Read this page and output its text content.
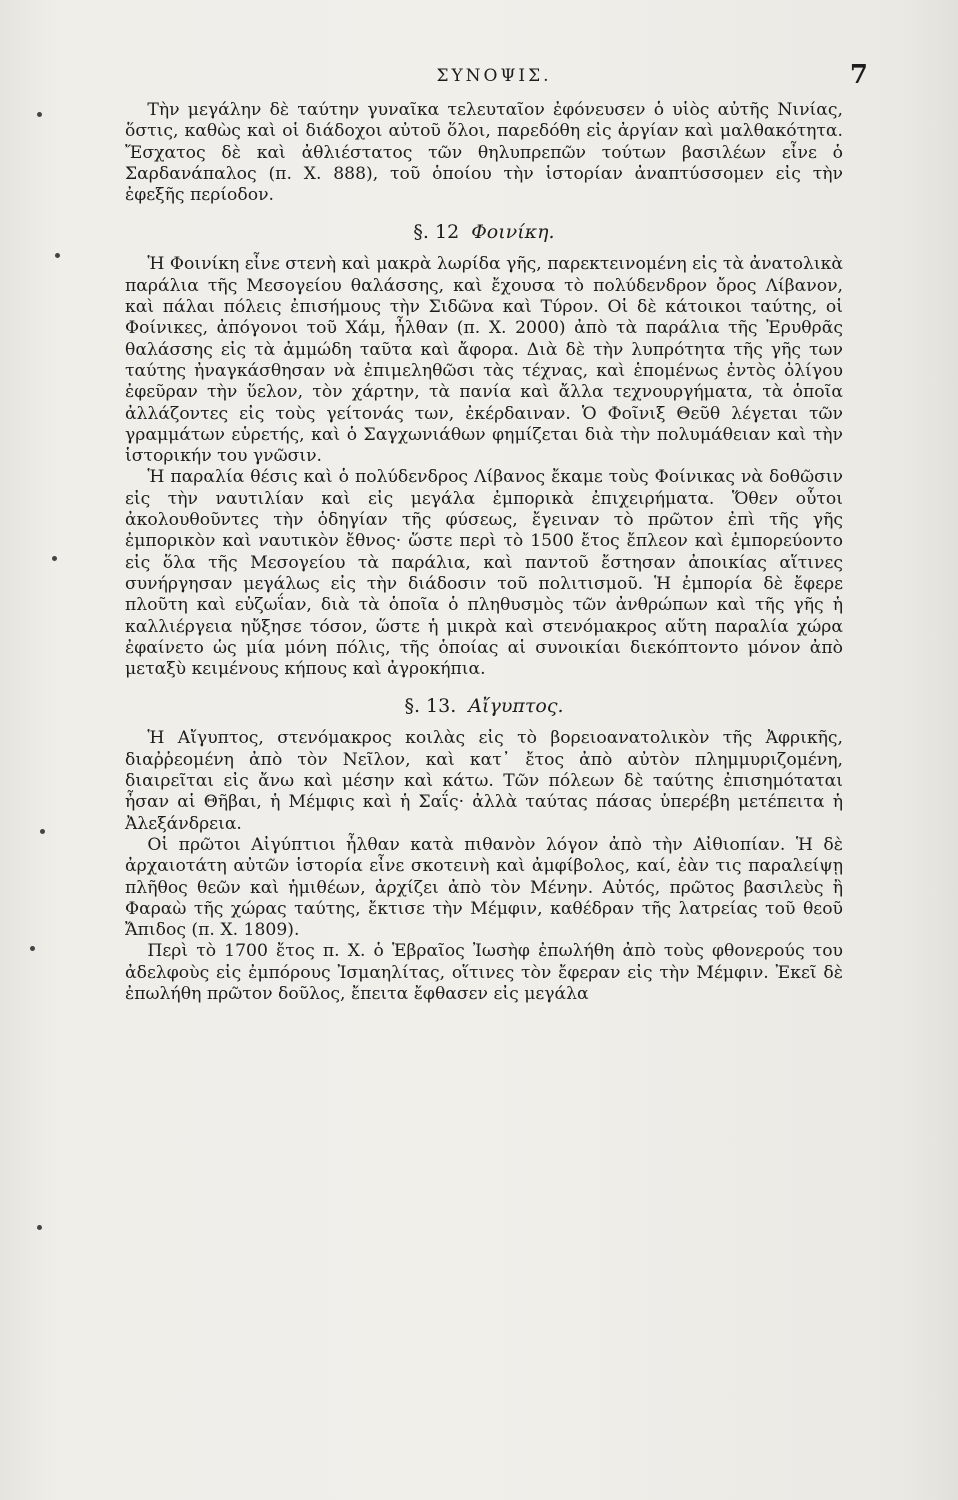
ΣΥΝΟΨΙΣ.	7

Τὴν μεγάλην δὲ ταύτην γυναῖκα τελευταῖον ἐφόνευσεν ὁ υἱὸς αὐτῆς Νινίας, ὅστις, καθὼς καὶ οἱ διάδοχοι αὐτοῦ ὅλοι, παρεδόθη εἰς ἀργίαν καὶ μαλθακότητα. Ἔσχατος δὲ καὶ ἀθλιέστατος τῶν θηλυπρεπῶν τούτων βασιλέων εἶνε ὁ Σαρδανάπαλος (π. Χ. 888), τοῦ ὁποίου τὴν ἱστορίαν ἀναπτύσσομεν εἰς τὴν ἐφεξῆς περίοδον.

§. 12 Φοινίκη.

Ἡ Φοινίκη εἶνε στενὴ καὶ μακρὰ λωρίδα γῆς, παρεκτεινομένη εἰς τὰ ἀνατολικὰ παράλια τῆς Μεσογείου θαλάσσης, καὶ ἔχουσα τὸ πολύδενδρον ὄρος Λίβανον, καὶ πάλαι πόλεις ἐπισήμους τὴν Σιδῶνα καὶ Τύρον. Οἱ δὲ κάτοικοι ταύτης, οἱ Φοίνικες, ἀπόγονοι τοῦ Χάμ, ἦλθαν (π. Χ. 2000) ἀπὸ τὰ παράλια τῆς Ἐρυθρᾶς θαλάσσης εἰς τὰ ἀμμώδη ταῦτα καὶ ἄφορα. Διὰ δὲ τὴν λυπρότητα τῆς γῆς των ταύτης ἠναγκάσθησαν νὰ ἐπιμεληθῶσι τὰς τέχνας, καὶ ἑπομένως ἐντὸς ὀλίγου ἐφεῦραν τὴν ὕελον, τὸν χάρτην, τὰ πανία καὶ ἄλλα τεχνουργήματα, τὰ ὁποῖα ἀλλάζοντες εἰς τοὺς γείτονάς των, ἐκέρδαιναν. Ὁ Φοῖνιξ Θεῦθ λέγεται τῶν γραμμάτων εὑρετής, καὶ ὁ Σαγχωνιάθων φημίζεται διὰ τὴν πολυμάθειαν καὶ τὴν ἱστορικήν του γνῶσιν.

Ἡ παραλία θέσις καὶ ὁ πολύδενδρος Λίβανος ἔκαμε τοὺς Φοίνικας νὰ δοθῶσιν εἰς τὴν ναυτιλίαν καὶ εἰς μεγάλα ἐμπορικὰ ἐπιχειρήματα. Ὅθεν οὗτοι ἀκολουθοῦντες τὴν ὁδηγίαν τῆς φύσεως, ἔγειναν τὸ πρῶτον ἐπὶ τῆς γῆς ἐμπορικὸν καὶ ναυτικὸν ἔθνος· ὥστε περὶ τὸ 1500 ἔτος ἔπλεον καὶ ἐμπορεύοντο εἰς ὅλα τῆς Μεσογείου τὰ παράλια, καὶ παντοῦ ἔστησαν ἀποικίας αἵτινες συνήργησαν μεγάλως εἰς τὴν διάδοσιν τοῦ πολιτισμοῦ. Ἡ ἐμπορία δὲ ἔφερε πλοῦτη καὶ εὐζωΐαν, διὰ τὰ ὁποῖα ὁ πληθυσμὸς τῶν ἀνθρώπων καὶ τῆς γῆς ἡ καλλιέργεια ηὔξησε τόσον, ὥστε ἡ μικρὰ καὶ στενόμακρος αὕτη παραλία χώρα ἐφαίνετο ὡς μία μόνη πόλις, τῆς ὁποίας αἱ συνοικίαι διεκόπτοντο μόνον ἀπὸ μεταξὺ κειμένους κήπους καὶ ἀγροκήπια.

§. 13. Αἴγυπτος.

Ἡ Αἴγυπτος, στενόμακρος κοιλὰς εἰς τὸ βορειοανατολικὸν τῆς Ἀφρικῆς, διαῤῥεομένη ἀπὸ τὸν Νεῖλον, καὶ κατ᾽ ἔτος ἀπὸ αὐτὸν πλημμυριζομένη, διαιρεῖται εἰς ἄνω καὶ μέσην καὶ κάτω. Τῶν πόλεων δὲ ταύτης ἐπισημόταται ἦσαν αἱ Θῆβαι, ἡ Μέμφις καὶ ἡ Σαΐς· ἀλλὰ ταύτας πάσας ὑπερέβη μετέπειτα ἡ Ἀλεξάνδρεια.

Οἱ πρῶτοι Αἰγύπτιοι ἦλθαν κατὰ πιθανὸν λόγον ἀπὸ τὴν Αἰθιοπίαν. Ἡ δὲ ἀρχαιοτάτη αὐτῶν ἱστορία εἶνε σκοτεινὴ καὶ ἀμφίβολος, καί, ἐὰν τις παραλείψῃ πλῆθος θεῶν καὶ ἡμιθέων, ἀρχίζει ἀπὸ τὸν Μένην. Αὐτός, πρῶτος βασιλεὺς ἢ Φαραὼ τῆς χώρας ταύτης, ἔκτισε τὴν Μέμφιν, καθέδραν τῆς λατρείας τοῦ θεοῦ Ἄπιδος (π. Χ. 1809).

Περὶ τὸ 1700 ἔτος π. Χ. ὁ Ἑβραῖος Ἰωσὴφ ἐπωλήθη ἀπὸ τοὺς φθονερούς του ἀδελφοὺς εἰς ἐμπόρους Ἰσμαηλίτας, οἵτινες τὸν ἔφεραν εἰς τὴν Μέμφιν. Ἐκεῖ δὲ ἐπωλήθη πρῶτον δοῦλος, ἔπειτα ἔφθασεν εἰς μεγάλα
